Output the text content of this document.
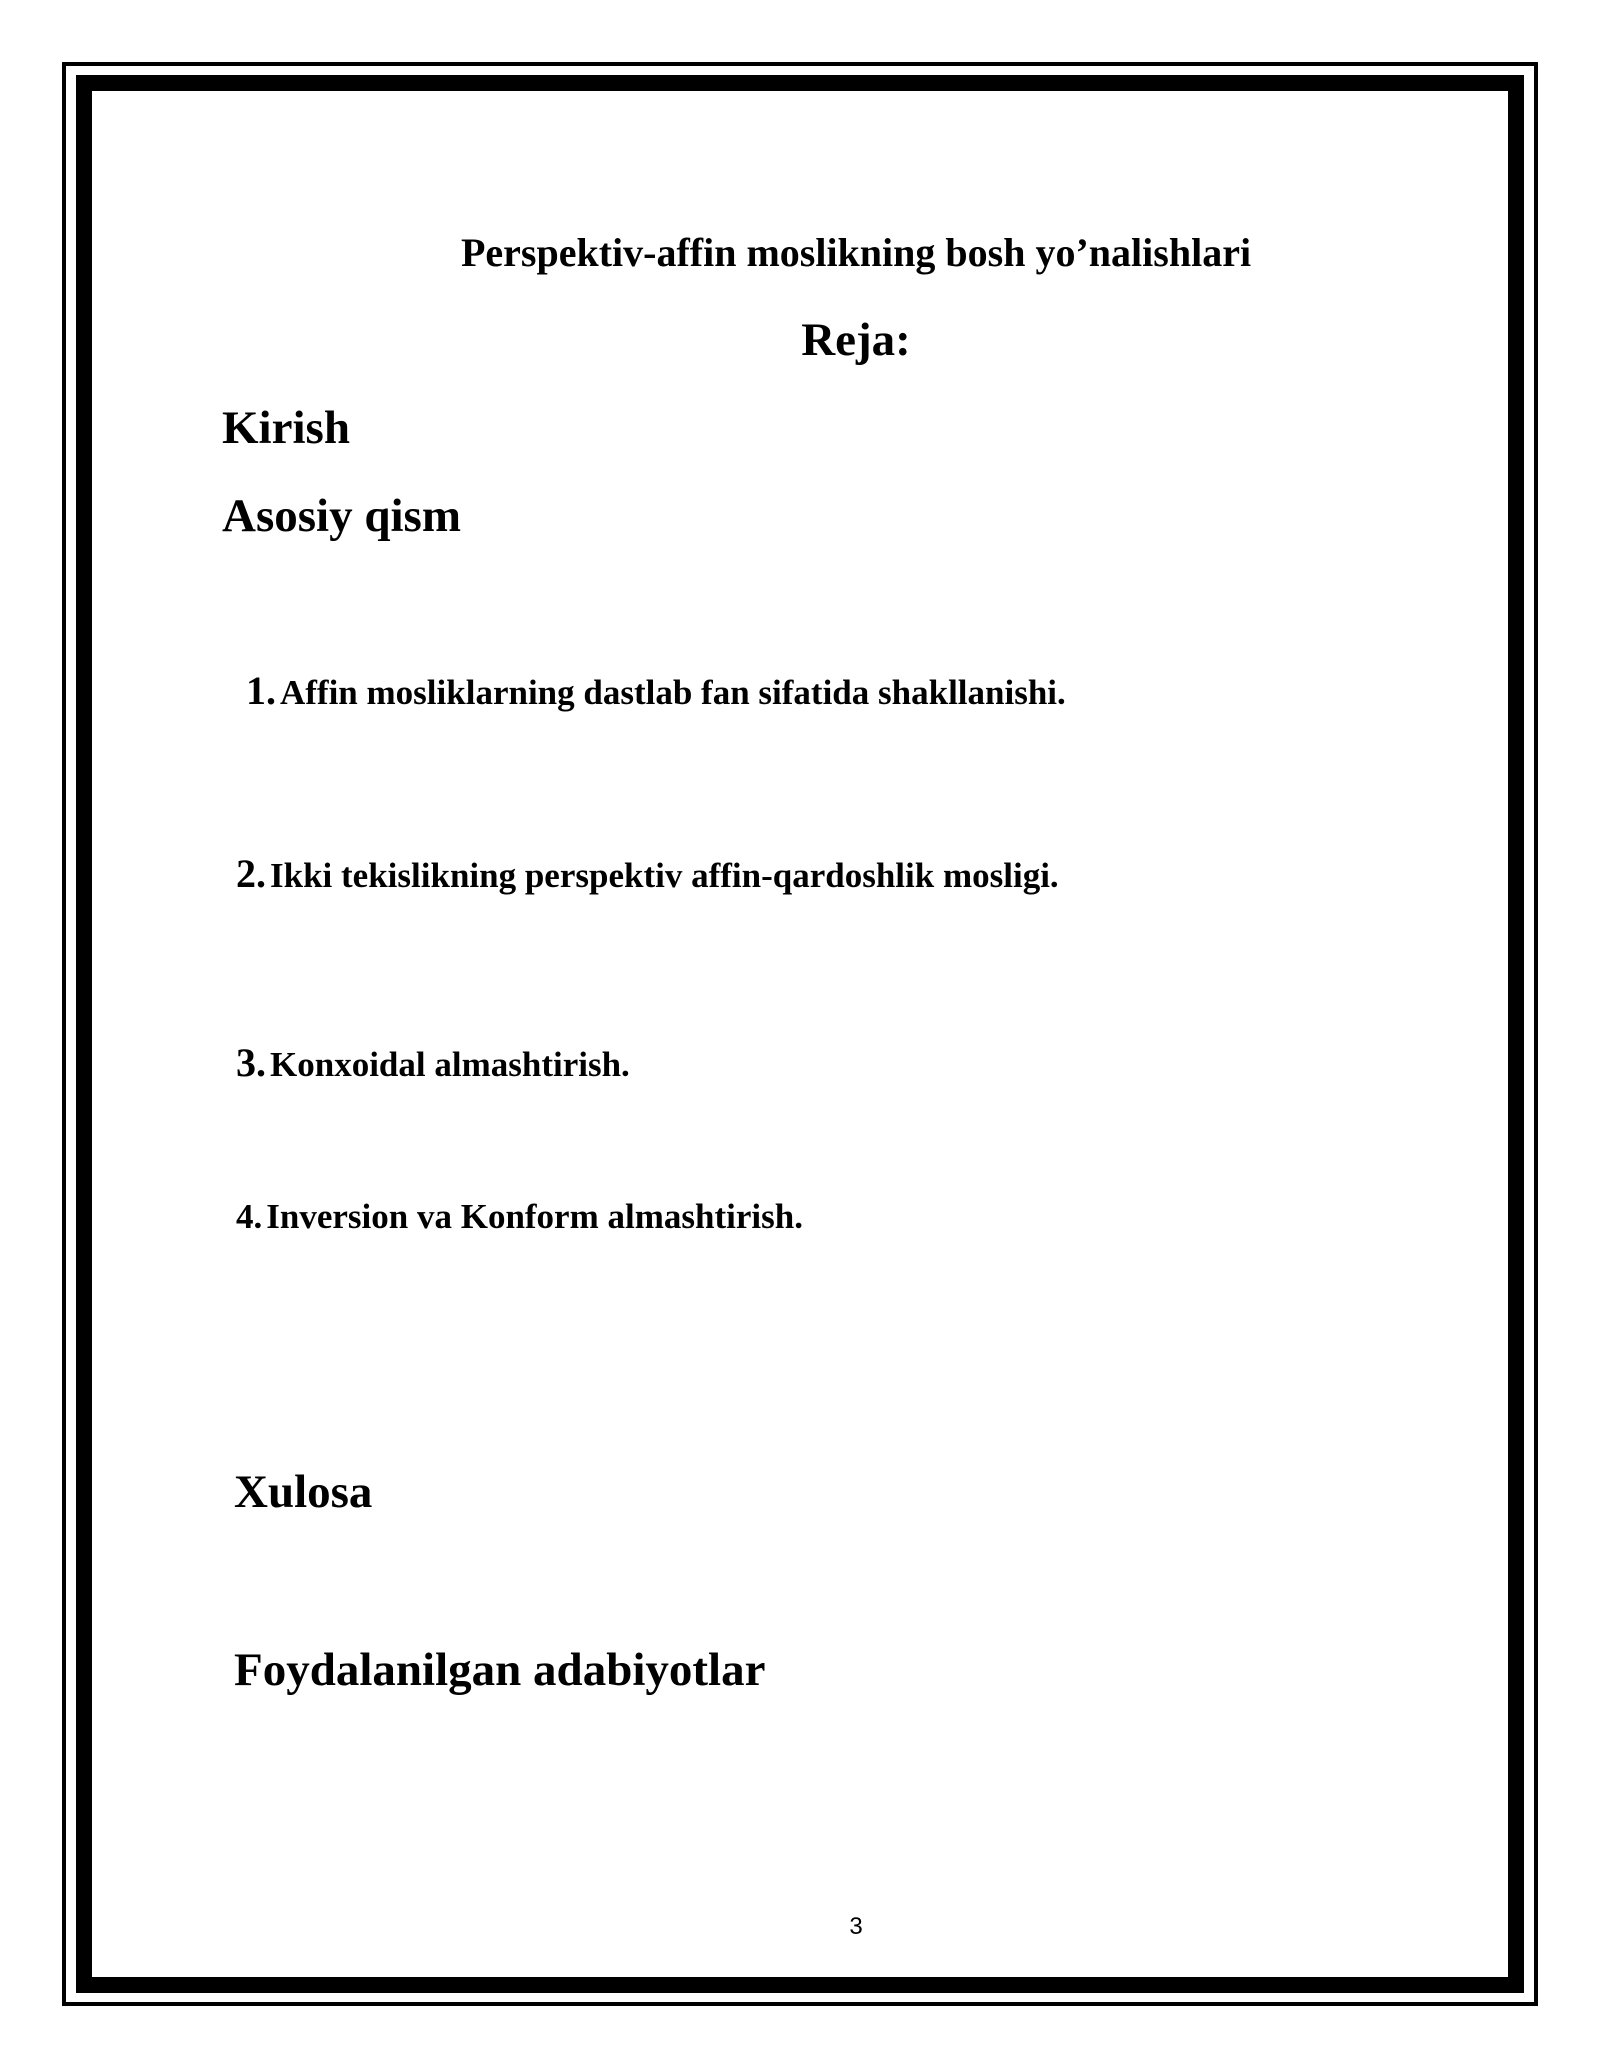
Perspektiv-affin moslikning bosh yo’nalishlari
Reja:
Kirish
Asosiy qism
1. Affin mosliklarning dastlab fan sifatida shakllanishi.
2. Ikki tekislikning perspektiv affin-qardoshlik mosligi.
3. Konxoidal almashtirish.
4. Inversion va Konform almashtirish.
Xulosa
Foydalanilgan adabiyotlar
3
